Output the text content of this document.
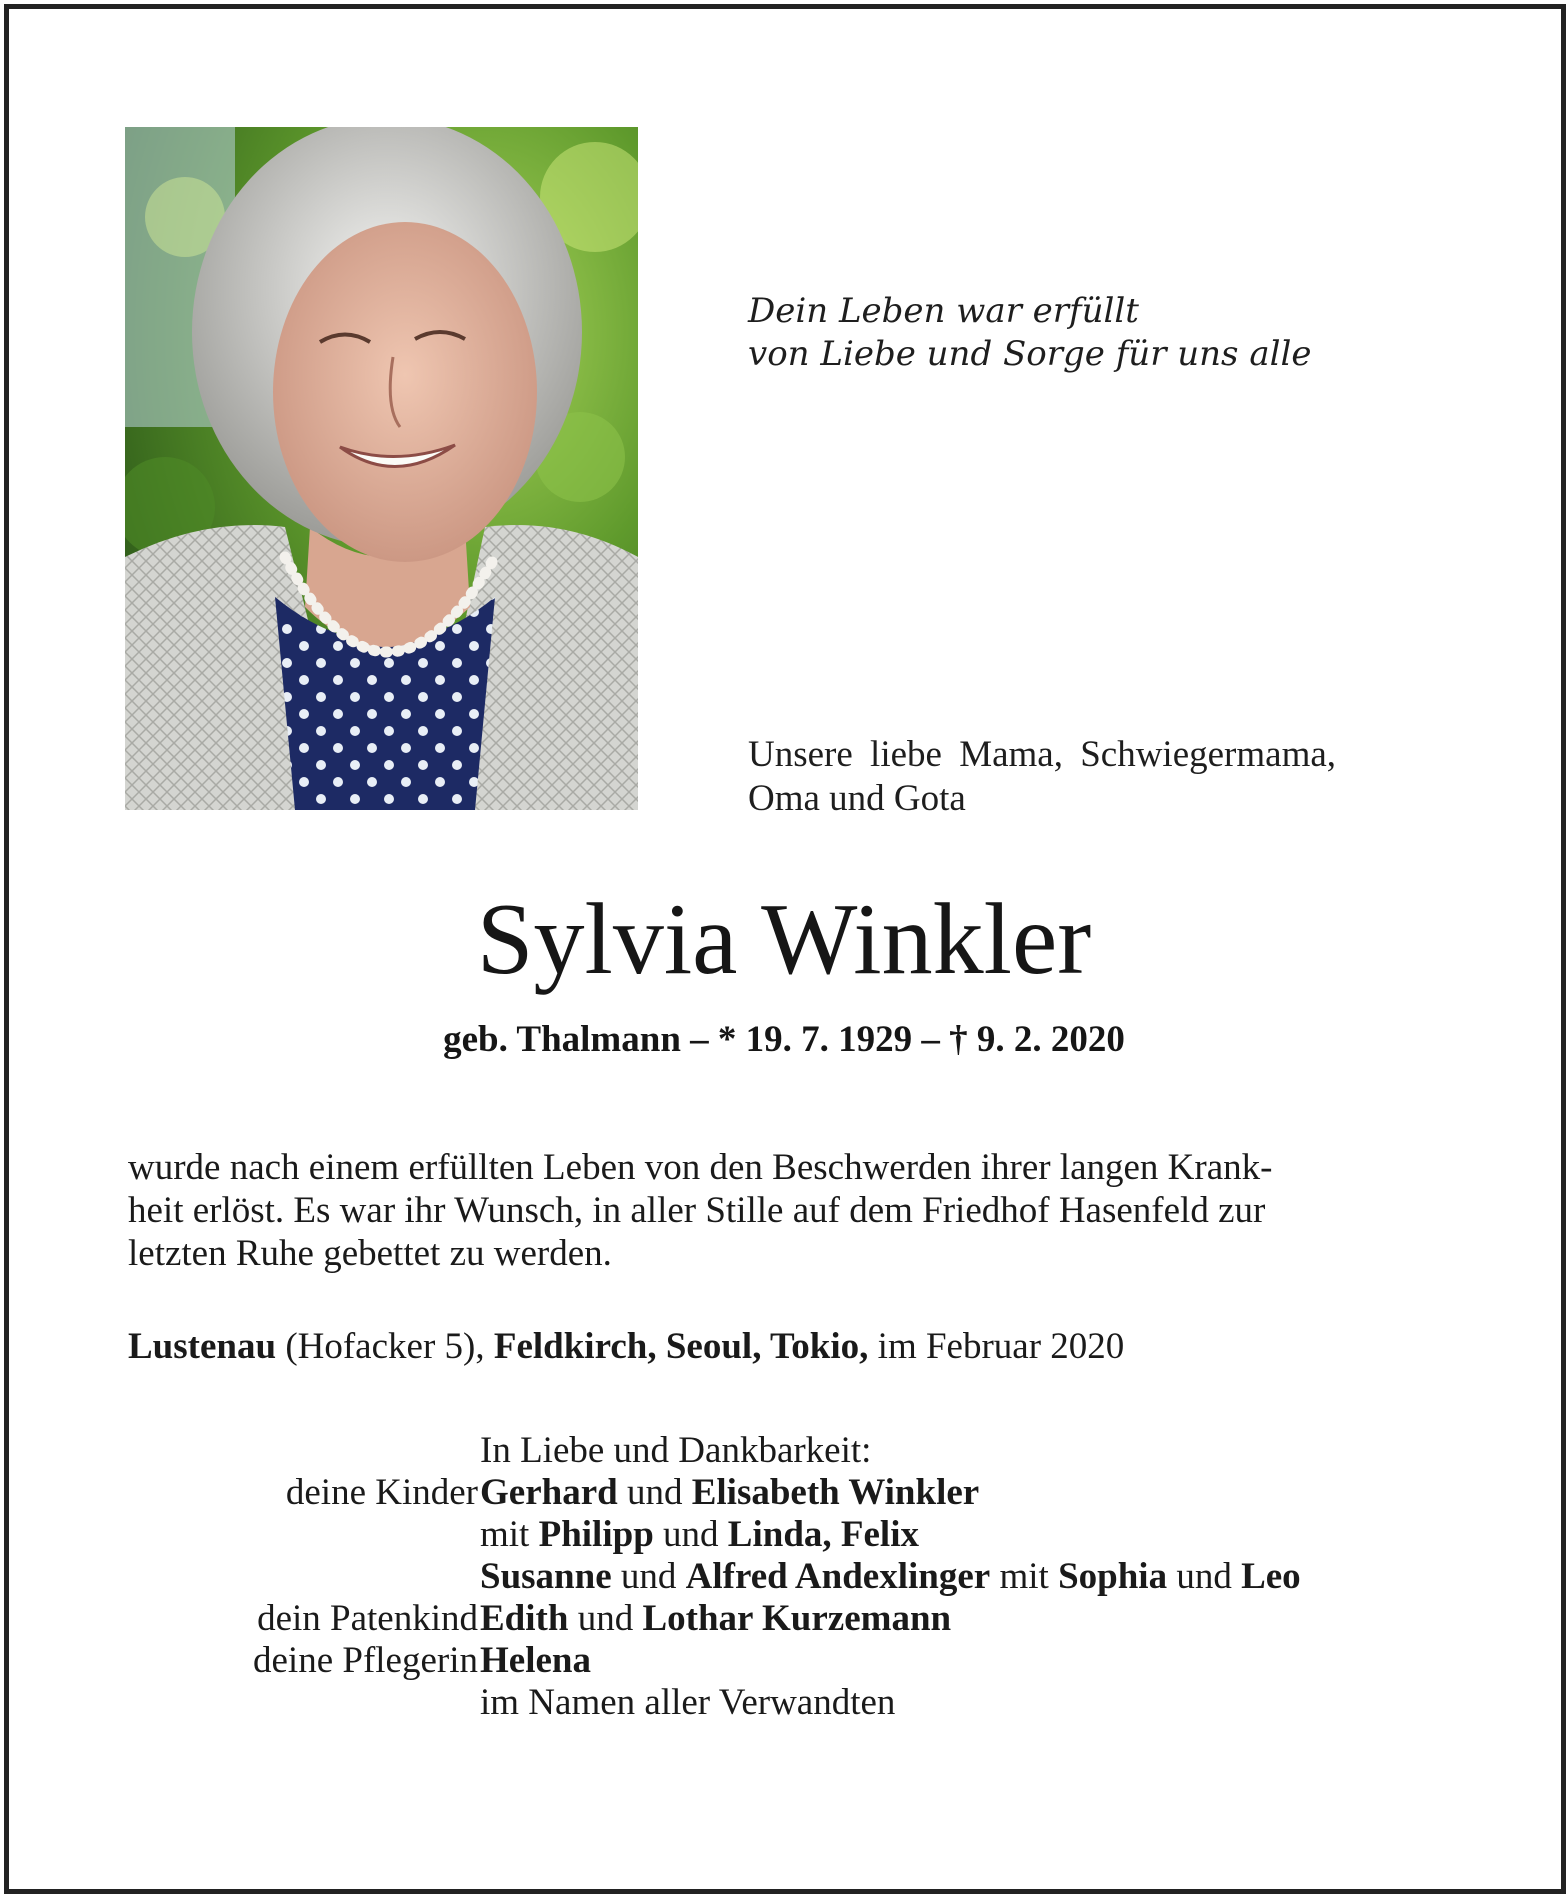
Dein Leben war erfüllt
von Liebe und Sorge für uns alle
Unsere liebe Mama, Schwiegermama,
Oma und Gota
Sylvia Winkler
geb. Thalmann – * 19. 7. 1929 – † 9. 2. 2020
wurde nach einem erfüllten Leben von den Beschwerden ihrer langen Krank-
heit erlöst. Es war ihr Wunsch, in aller Stille auf dem Friedhof Hasenfeld zur
letzten Ruhe gebettet zu werden.
Lustenau (Hofacker 5), Feldkirch, Seoul, Tokio, im Februar 2020
In Liebe und Dankbarkeit:
deine Kinder Gerhard und Elisabeth Winkler
mit Philipp und Linda, Felix
Susanne und Alfred Andexlinger mit Sophia und Leo
dein Patenkind Edith und Lothar Kurzemann
deine Pflegerin Helena
im Namen aller Verwandten
